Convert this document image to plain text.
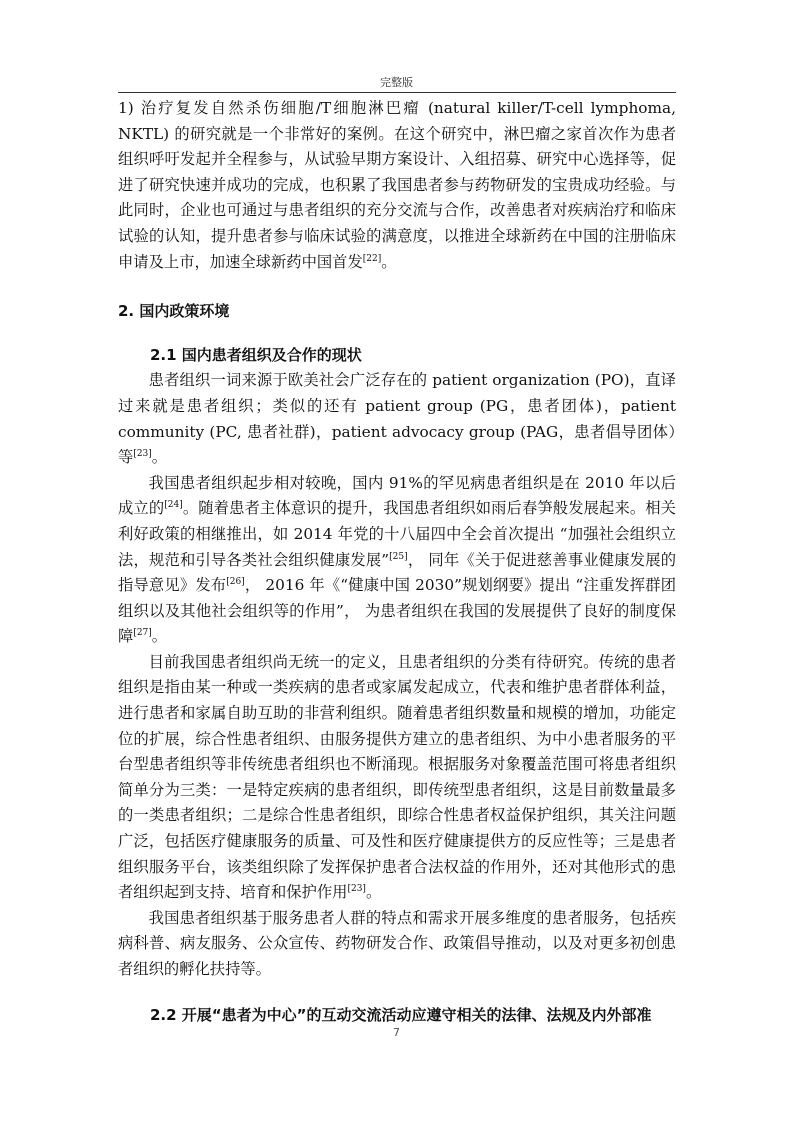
完整版

1) 治疗复发自然杀伤细胞/T细胞淋巴瘤 (natural killer/T-cell lymphoma, NKTL) 的研究就是一个非常好的案例。在这个研究中，淋巴瘤之家首次作为患者组织呼吁发起并全程参与，从试验早期方案设计、入组招募、研究中心选择等，促进了研究快速并成功的完成，也积累了我国患者参与药物研发的宝贵成功经验。与此同时，企业也可通过与患者组织的充分交流与合作，改善患者对疾病治疗和临床试验的认知，提升患者参与临床试验的满意度，以推进全球新药在中国的注册临床申请及上市，加速全球新药中国首发[22]。

2. 国内政策环境
2.1 国内患者组织及合作的现状

患者组织一词来源于欧美社会广泛存在的 patient organization (PO)，直译过来就是患者组织；类似的还有 patient group (PG，患者团体)，patient community (PC, 患者社群)，patient advocacy group (PAG，患者倡导团体）等[23]。

我国患者组织起步相对较晚，国内 91%的罕见病患者组织是在 2010 年以后成立的[24]。随着患者主体意识的提升，我国患者组织如雨后春笋般发展起来。相关利好政策的相继推出，如 2014 年党的十八届四中全会首次提出 “加强社会组织立法，规范和引导各类社会组织健康发展”[25]， 同年《关于促进慈善事业健康发展的指导意见》发布[26]， 2016 年《“健康中国 2030”规划纲要》提出 “注重发挥群团组织以及其他社会组织等的作用”， 为患者组织在我国的发展提供了良好的制度保障[27]。

目前我国患者组织尚无统一的定义，且患者组织的分类有待研究。传统的患者组织是指由某一种或一类疾病的患者或家属发起成立，代表和维护患者群体利益，进行患者和家属自助互助的非营利组织。随着患者组织数量和规模的增加，功能定位的扩展，综合性患者组织、由服务提供方建立的患者组织、为中小患者服务的平台型患者组织等非传统患者组织也不断涌现。根据服务对象覆盖范围可将患者组织简单分为三类：一是特定疾病的患者组织，即传统型患者组织，这是目前数量最多的一类患者组织；二是综合性患者组织，即综合性患者权益保护组织，其关注问题广泛，包括医疗健康服务的质量、可及性和医疗健康提供方的反应性等；三是患者组织服务平台，该类组织除了发挥保护患者合法权益的作用外，还对其他形式的患者组织起到支持、培育和保护作用[23]。

我国患者组织基于服务患者人群的特点和需求开展多维度的患者服务，包括疾病科普、病友服务、公众宣传、药物研发合作、政策倡导推动，以及对更多初创患者组织的孵化扶持等。

2.2 开展“患者为中心”的互动交流活动应遵守相关的法律、法规及内外部准
7
